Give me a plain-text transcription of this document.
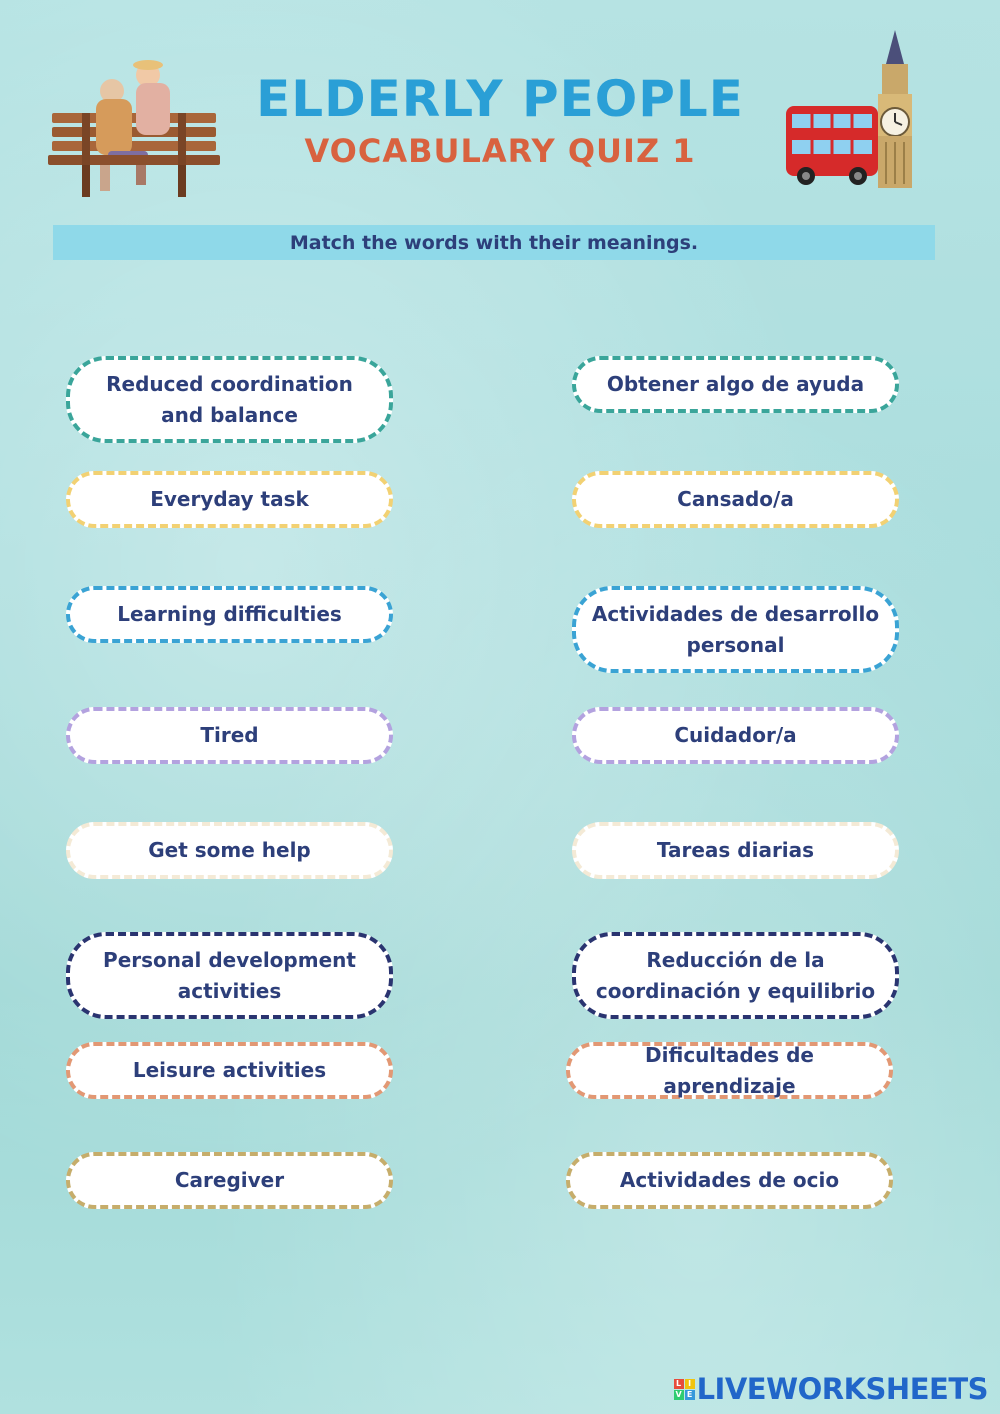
ELDERLY PEOPLE
VOCABULARY QUIZ 1
Match the words with their meanings.
Reduced coordination and balance
Everyday task
Learning difficulties
Tired
Get some help
Personal development activities
Leisure activities
Caregiver
Obtener algo de ayuda
Cansado/a
Actividades de desarrollo personal
Cuidador/a
Tareas diarias
Reducción de la coordinación y equilibrio
Dificultades de aprendizaje
Actividades de ocio
L I
V E LIVEWORKSHEETS
